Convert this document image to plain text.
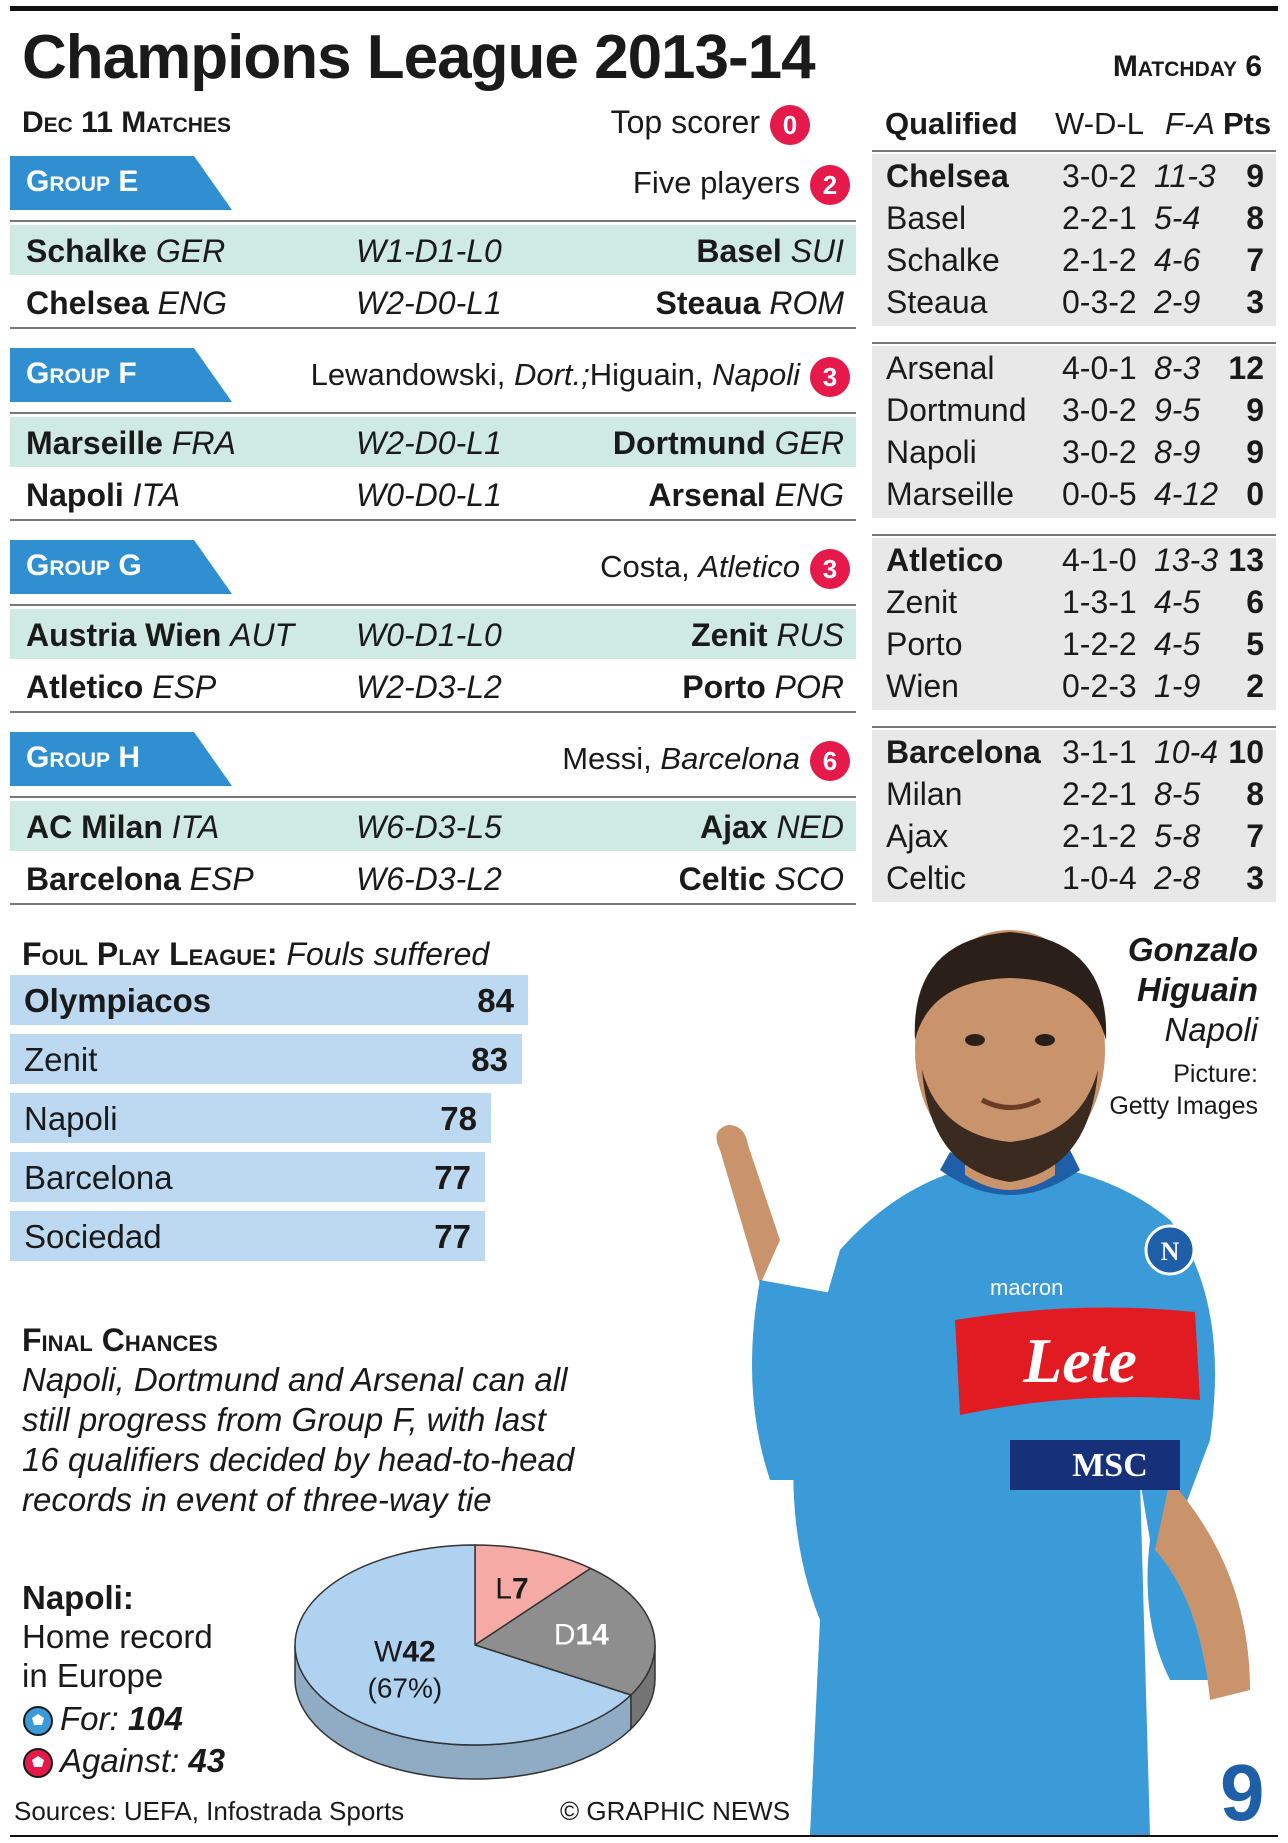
Champions League 2013-14	Matchday 6
Dec 11 Matches	Top scorer 0	Qualified W-D-L F-A Pts
Group E	Five players 2
Schalke GER	W1-D1-L0	Basel SUI
Chelsea ENG	W2-D0-L1	Steaua ROM
Group F	Lewandowski, Dort.;Higuain, Napoli 3
Marseille FRA	W2-D0-L1	Dortmund GER
Napoli ITA	W0-D0-L1	Arsenal ENG
Group G	Costa, Atletico 3
Austria Wien AUT W0-D1-L0	Zenit RUS
Atletico ESP	W2-D3-L2	Porto POR
Group H	Messi, Barcelona 6
AC Milan ITA	W6-D3-L5	Ajax NED
Barcelona ESP	W6-D3-L2	Celtic SCO
Chelsea 3-0-2 11-3 9
Basel	2-2-1 5-4 8
Schalke 2-1-2 4-6 7
Steaua 0-3-2 2-9 3
Arsenal 4-0-1 8-3 12
Dortmund 3-0-2 9-5 9
Napoli	3-0-2 8-9 9
Marseille 0-0-5 4-12 0
Atletico 4-1-0 13-3 13
Zenit	1-3-1 4-5 6
Porto	1-2-2 4-5 5
Wien	0-2-3 1-9 2
Barcelona 3-1-1 10-4 10
Milan	2-2-1 8-5 8
Ajax	2-1-2 5-8 7
Celtic	1-0-4 2-8 3
N
macron
Lete
MSC
9
Gonzalo
Higuain
Napoli
Picture:
Getty Images
Foul Play League: Fouls suffered
Olympiacos	84
Zenit	83
Napoli	78
Barcelona	77
Sociedad	77
Final Chances
Napoli, Dortmund and Arsenal can all still progress from Group F, with last 16 qualifiers decided by head-to-head records in event of three-way tie
Napoli:
Home record
in Europe
For: 104
Against: 43
L7
D14
W42
(67%)
Sources: UEFA, Infostrada Sports	© GRAPHIC NEWS
